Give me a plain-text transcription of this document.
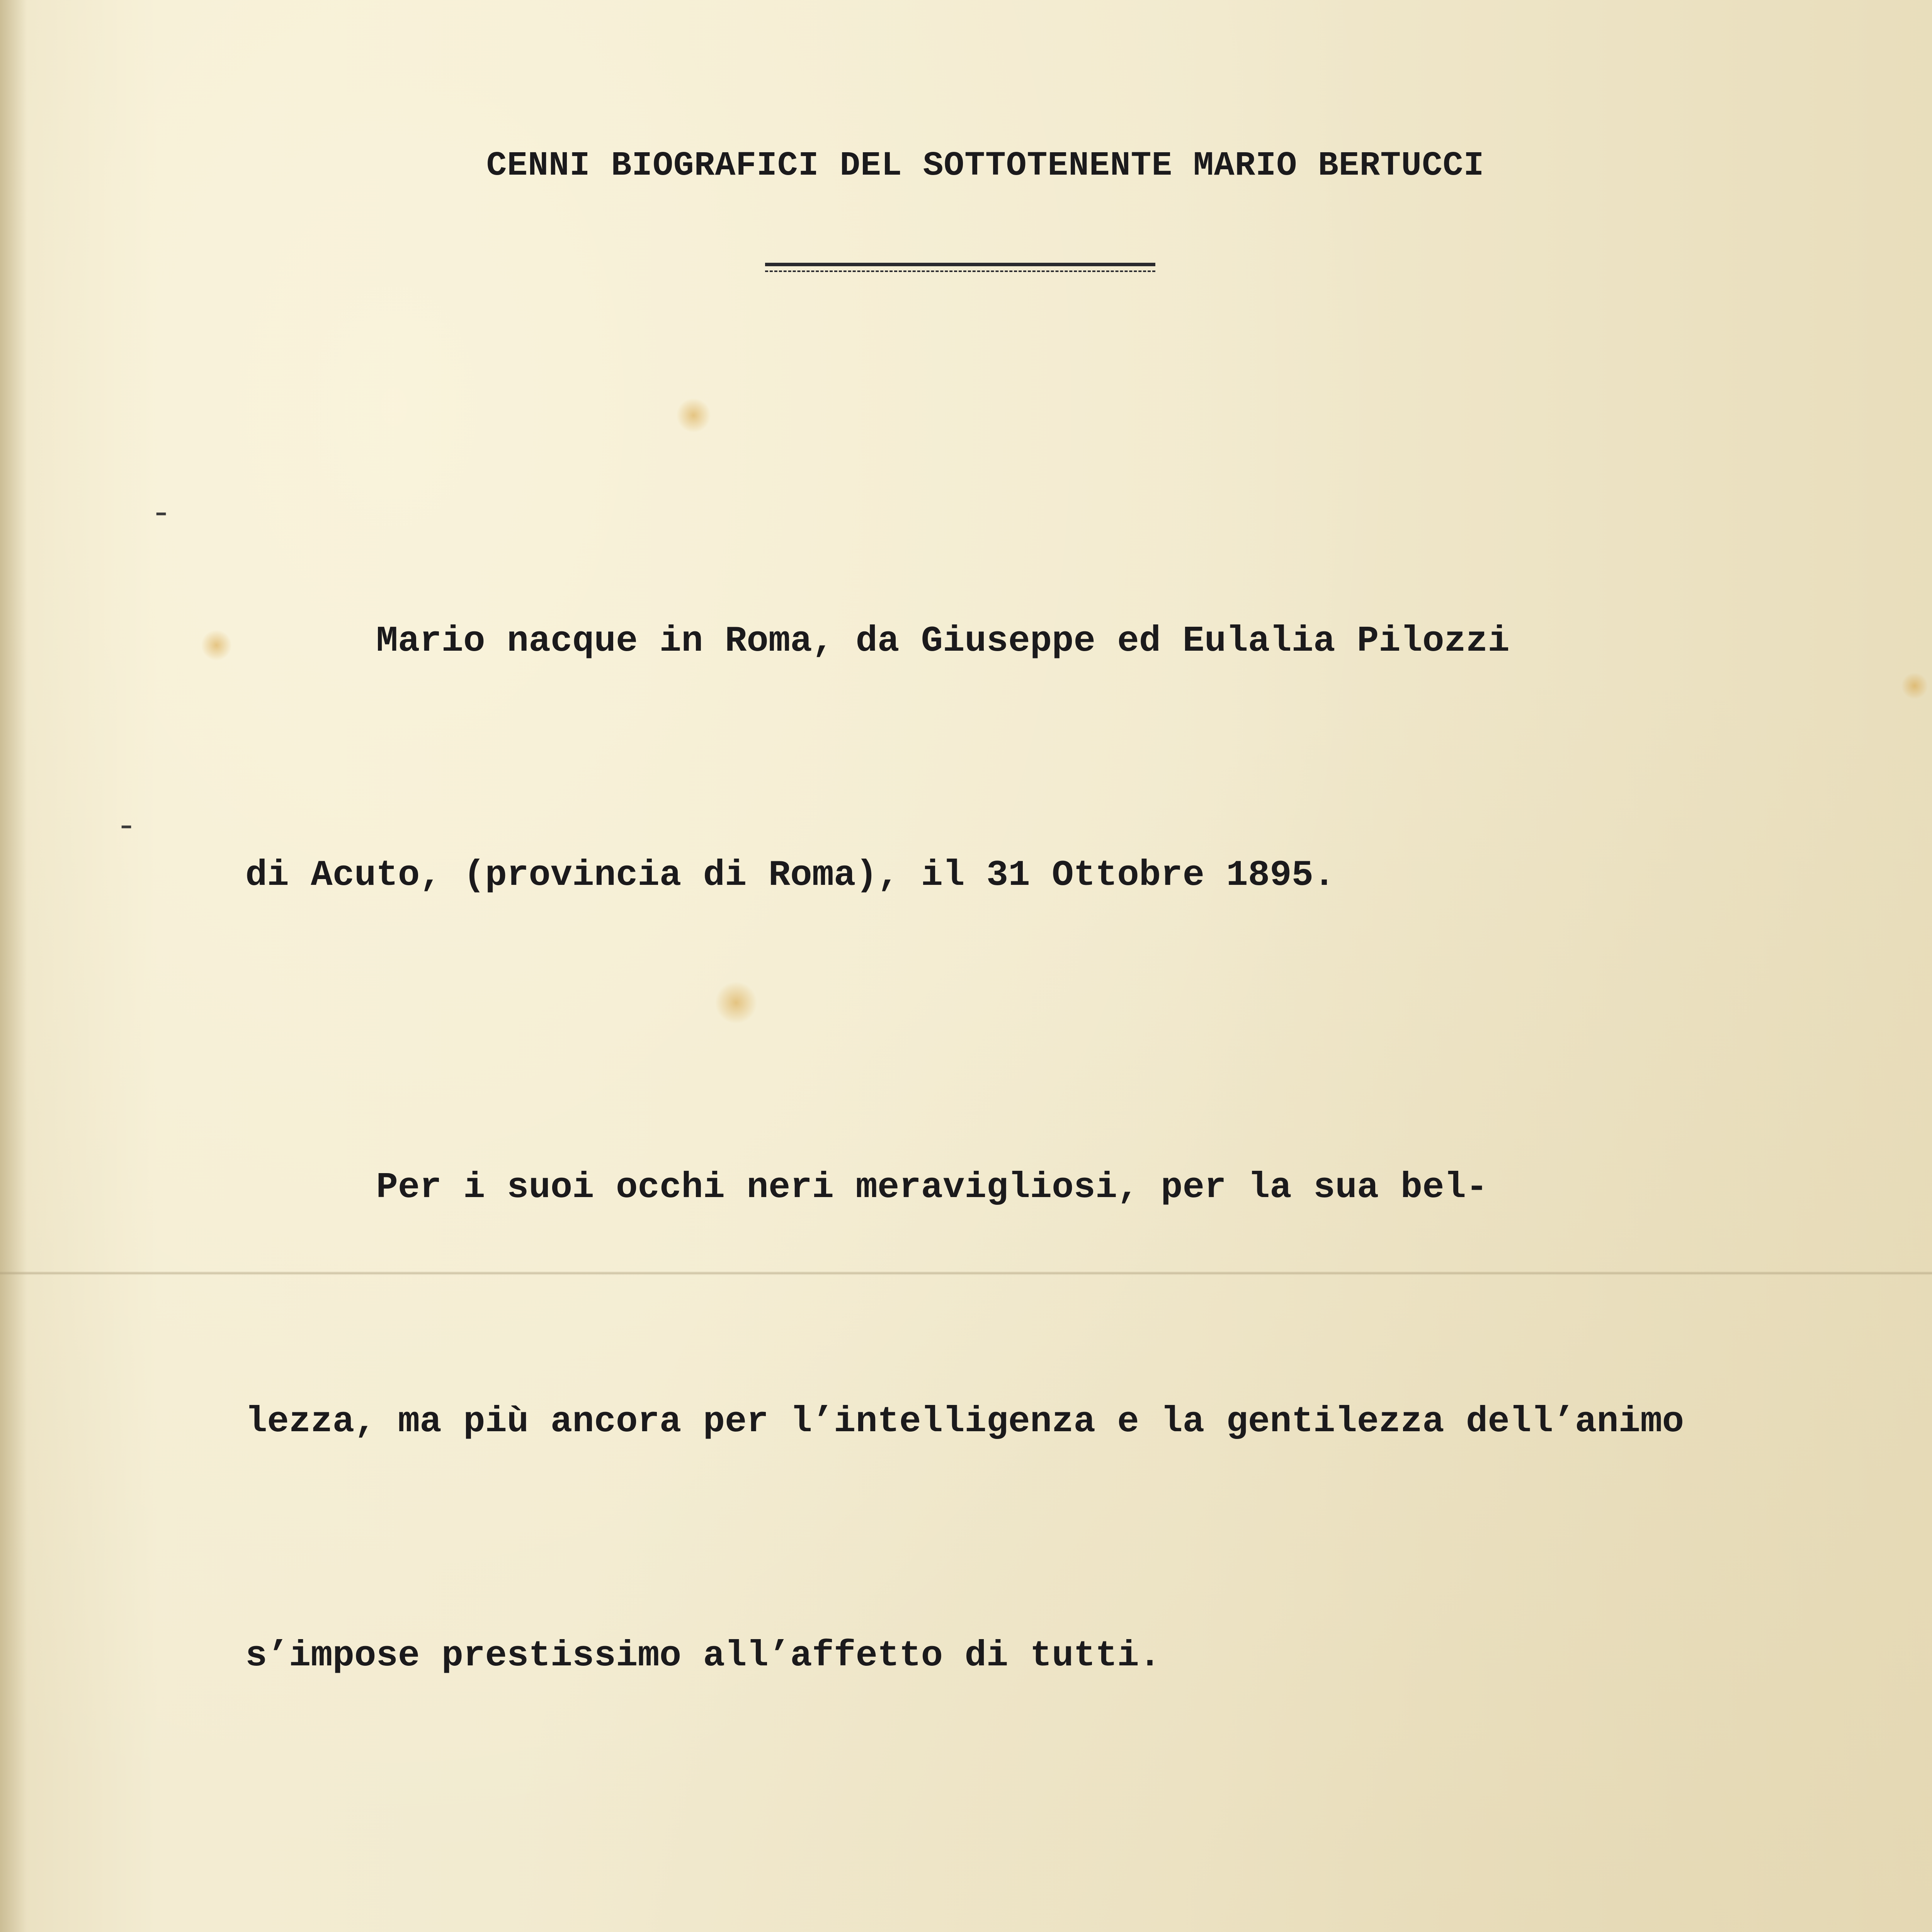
CENNI BIOGRAFICI DEL SOTTOTENENTE MARIO BERTUCCI

Mario nacque in Roma, da Giuseppe ed Eulalia Pilozzi

di Acuto, (provincia di Roma), il 31 Ottobre 1895.

Per i suoi occhi neri meravigliosi, per la sua bel-

lezza, ma più ancora per l’intelligenza e la gentilezza dell’animo

s’impose prestissimo all’affetto di tutti.

-
-
